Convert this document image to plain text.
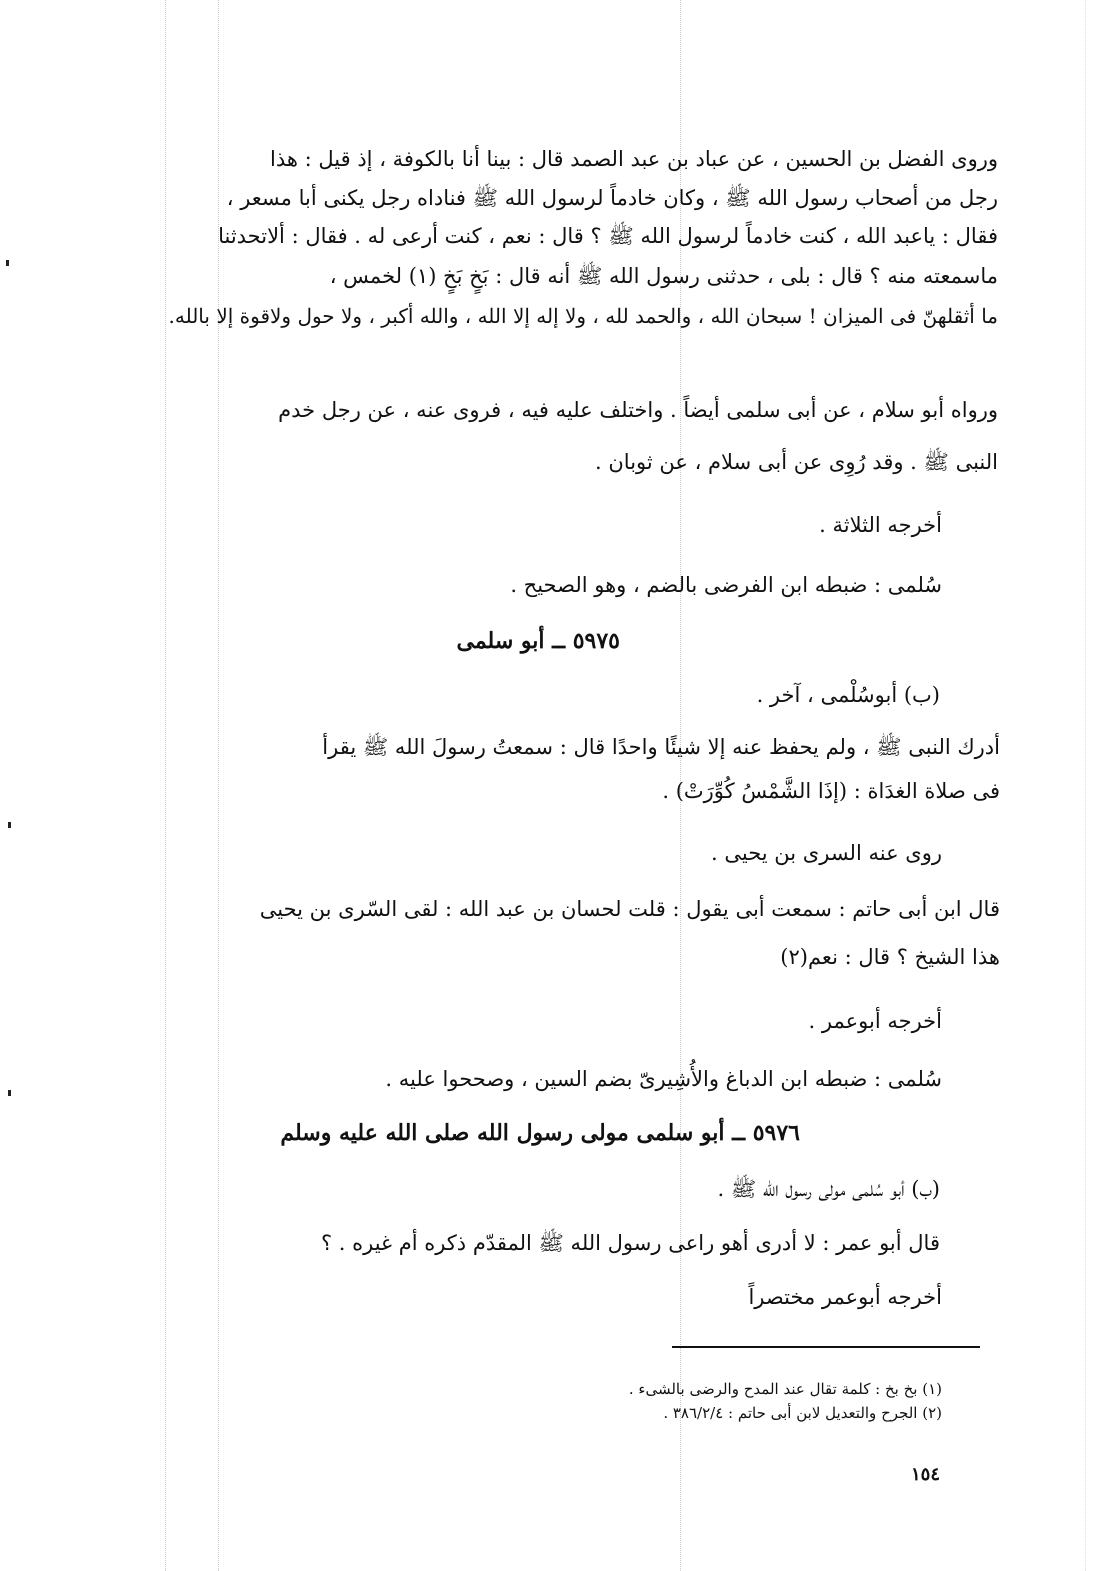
وروى الفضل بن الحسين ، عن عباد بن عبد الصمد قال : بينا أنا بالكوفة ، إذ قيل : هذا
رجل من أصحاب رسول الله ﷺ ، وكان خادماً لرسول الله ﷺ فناداه رجل يكنى أبا مسعر ،
فقال : ياعبد الله ، كنت خادماً لرسول الله ﷺ ؟ قال : نعم ، كنت أرعى له . فقال : ألاتحدثنا
ماسمعته منه ؟ قال : بلى ، حدثنى رسول الله ﷺ أنه قال : بَخٍ بَخٍ (١) لخمس ،
ما أثقلهنّ فى الميزان ! سبحان الله ، والحمد لله ، ولا إله إلا الله ، والله أكبر ، ولا حول ولاقوة إلا بالله.
ورواه أبو سلام ، عن أبى سلمى أيضاً . واختلف عليه فيه ، فروى عنه ، عن رجل خدم
النبى ﷺ . وقد رُوِى عن أبى سلام ، عن ثوبان .
أخرجه الثلاثة .
سُلمى : ضبطه ابن الفرضى بالضم ، وهو الصحيح .
٥٩٧٥ ــ أبو سلمى
(ب) أبوسُلْمى ، آخر .
أدرك النبى ﷺ ، ولم يحفظ عنه إلا شيئًا واحدًا قال : سمعتُ رسولَ الله ﷺ يقرأ
فى صلاة الغدَاة : (إذَا الشَّمْسُ كُوِّرَتْ) .
روى عنه السرى بن يحيى .
قال ابن أبى حاتم : سمعت أبى يقول : قلت لحسان بن عبد الله : لقى السّرى بن يحيى
هذا الشيخ ؟ قال : نعم(٢)
أخرجه أبوعمر .
سُلمى : ضبطه ابن الدباغ والأُشِيرىّ بضم السين ، وصححوا عليه .
٥٩٧٦ ــ أبو سلمى مولى رسول الله صلى الله عليه وسلم
(ب) أبو سُلمى مولى رسول الله ﷺ .
قال أبو عمر : لا أدرى أهو راعى رسول الله ﷺ المقدّم ذكره أم غيره . ؟
أخرجه أبوعمر مختصراً
(١) بخ بخ : كلمة تقال عند المدح والرضى بالشىء .
(٢) الجرح والتعديل لابن أبى حاتم : ٣٨٦/٢/٤ .
١٥٤
